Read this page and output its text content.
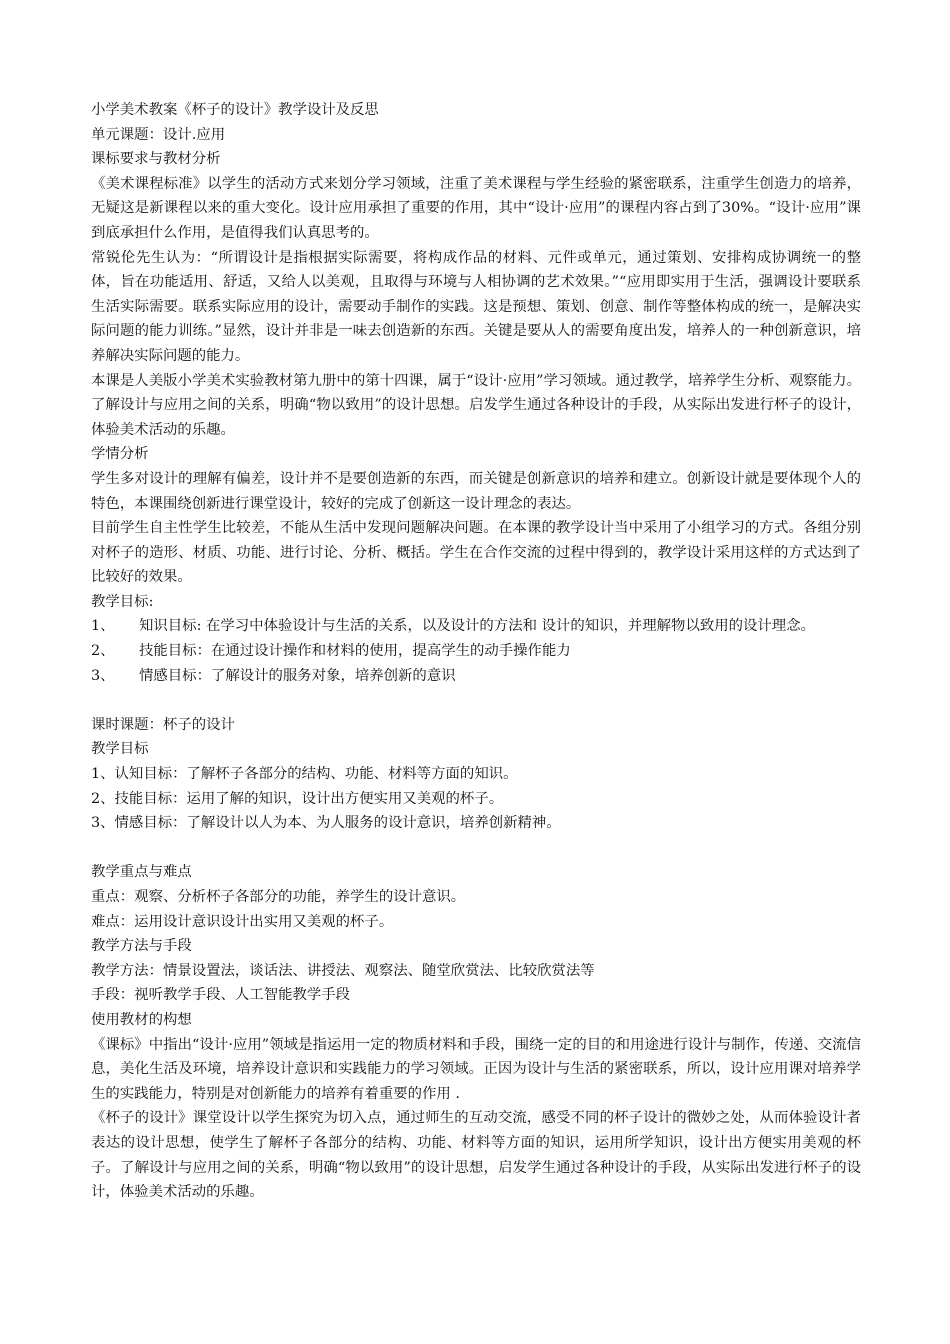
小学美术教案《杯子的设计》教学设计及反思

单元课题：设计.应用

课标要求与教材分析

《美术课程标准》以学生的活动方式来划分学习领域，注重了美术课程与学生经验的紧密联系，注重学生创造力的培养，无疑这是新课程以来的重大变化。设计应用承担了重要的作用，其中“设计·应用”的课程内容占到了30%。“设计·应用”课到底承担什么作用，是值得我们认真思考的。

常锐伦先生认为：“所谓设计是指根据实际需要，将构成作品的材料、元件或单元，通过策划、安排构成协调统一的整体，旨在功能适用、舒适，又给人以美观，且取得与环境与人相协调的艺术效果。”“应用即实用于生活，强调设计要联系生活实际需要。联系实际应用的设计，需要动手制作的实践。这是预想、策划、创意、制作等整体构成的统一，是解决实际问题的能力训练。”显然，设计并非是一味去创造新的东西。关键是要从人的需要角度出发，培养人的一种创新意识，培养解决实际问题的能力。

本课是人美版小学美术实验教材第九册中的第十四课，属于“设计·应用”学习领域。通过教学，培养学生分析、观察能力。了解设计与应用之间的关系，明确“物以致用”的设计思想。启发学生通过各种设计的手段，从实际出发进行杯子的设计，体验美术活动的乐趣。

学情分析

学生多对设计的理解有偏差，设计并不是要创造新的东西，而关键是创新意识的培养和建立。创新设计就是要体现个人的特色，本课围绕创新进行课堂设计，较好的完成了创新这一设计理念的表达。

目前学生自主性学生比较差，不能从生活中发现问题解决问题。在本课的教学设计当中采用了小组学习的方式。各组分别对杯子的造形、材质、功能、进行讨论、分析、概括。学生在合作交流的过程中得到的，教学设计采用这样的方式达到了比较好的效果。

教学目标:

1、	知识目标: 在学习中体验设计与生活的关系，以及设计的方法和 设计的知识，并理解物以致用的设计理念。
2、	技能目标：在通过设计操作和材料的使用，提高学生的动手操作能力
3、	情感目标：了解设计的服务对象，培养创新的意识

课时课题：杯子的设计

教学目标

1、认知目标：了解杯子各部分的结构、功能、材料等方面的知识。

2、技能目标：运用了解的知识，设计出方便实用又美观的杯子。

3、情感目标：了解设计以人为本、为人服务的设计意识，培养创新精神。

教学重点与难点

重点：观察、分析杯子各部分的功能，养学生的设计意识。

难点：运用设计意识设计出实用又美观的杯子。

教学方法与手段

教学方法：情景设置法，谈话法、讲授法、观察法、随堂欣赏法、比较欣赏法等

手段：视听教学手段、人工智能教学手段

使用教材的构想

《课标》中指出“设计·应用”领域是指运用一定的物质材料和手段，围绕一定的目的和用途进行设计与制作，传递、交流信息，美化生活及环境，培养设计意识和实践能力的学习领域。正因为设计与生活的紧密联系，所以，设计应用课对培养学生的实践能力，特别是对创新能力的培养有着重要的作用 .

《杯子的设计》课堂设计以学生探究为切入点，通过师生的互动交流，感受不同的杯子设计的微妙之处，从而体验设计者表达的设计思想，使学生了解杯子各部分的结构、功能、材料等方面的知识，运用所学知识，设计出方便实用美观的杯子。了解设计与应用之间的关系，明确“物以致用”的设计思想，启发学生通过各种设计的手段，从实际出发进行杯子的设计，体验美术活动的乐趣。
